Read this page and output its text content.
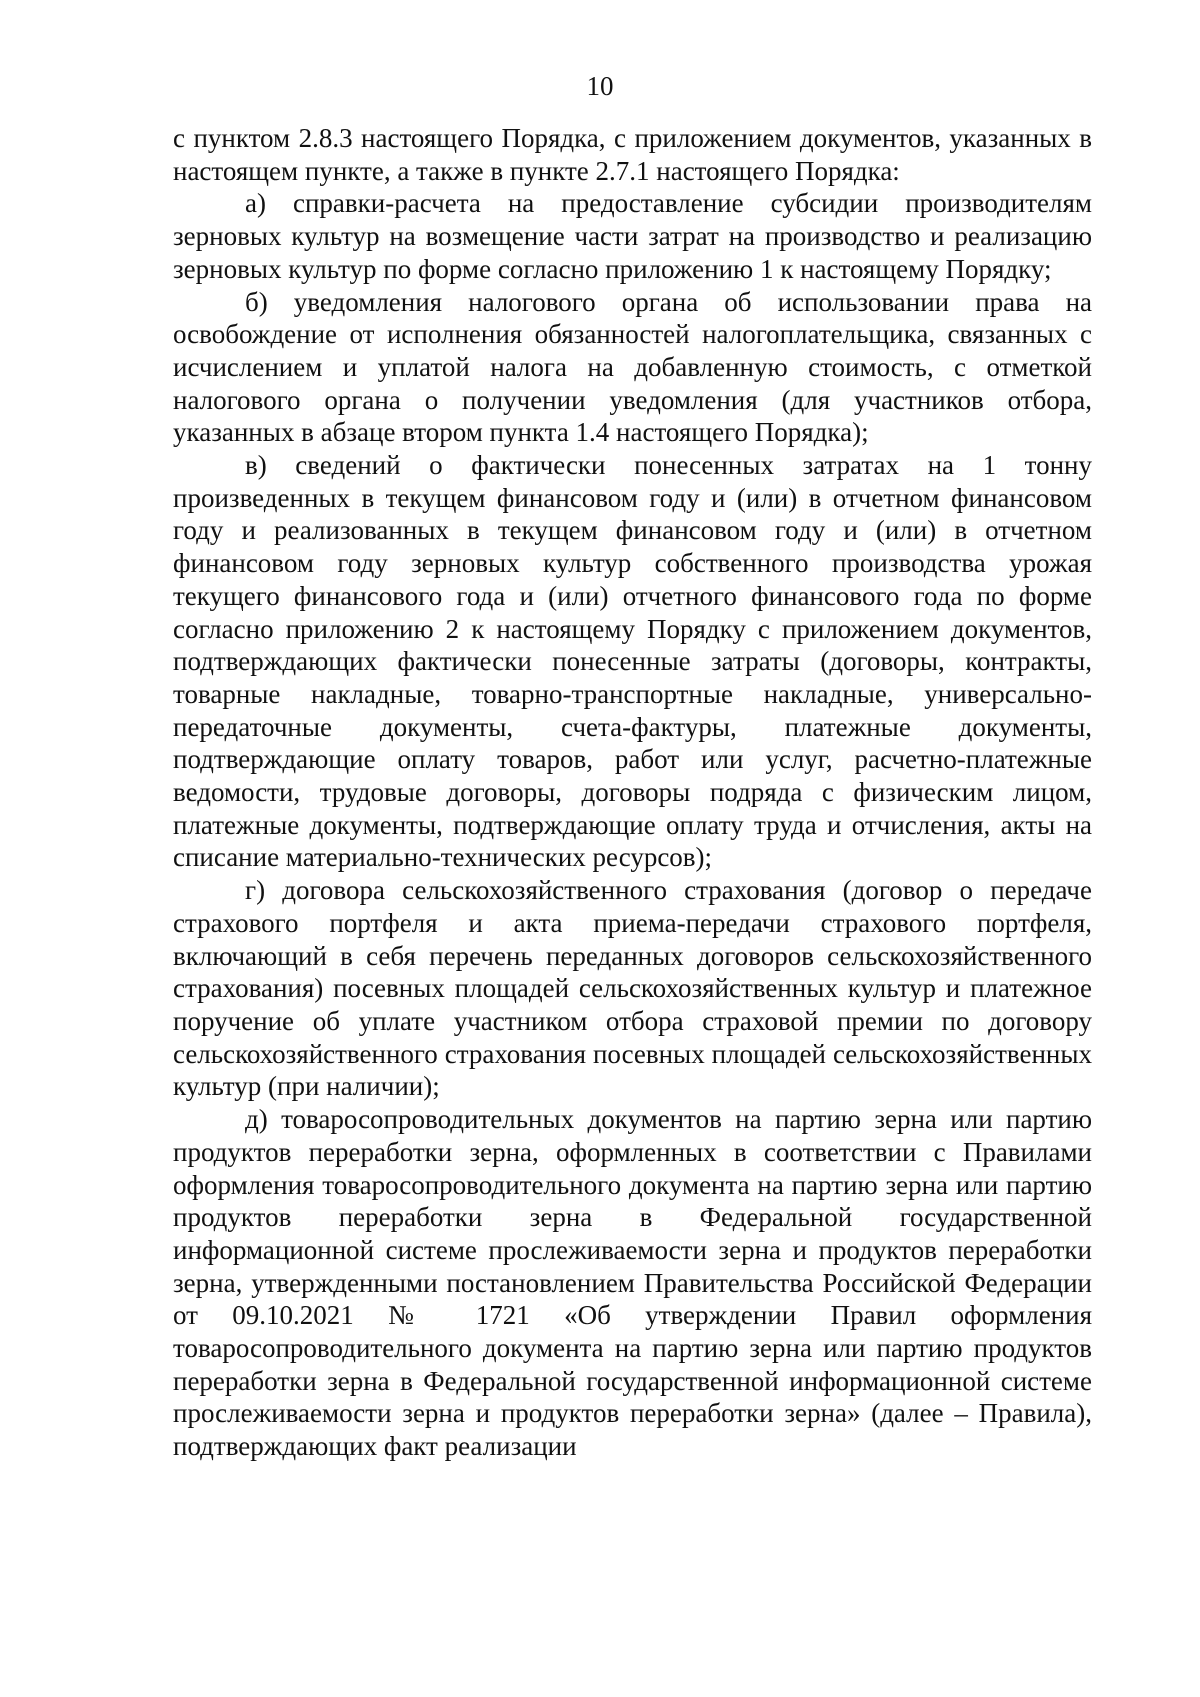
10

с пунктом 2.8.3 настоящего Порядка, с приложением документов, указанных в настоящем пункте, а также в пункте 2.7.1 настоящего Порядка:

а) справки-расчета на предоставление субсидии производителям зерновых культур на возмещение части затрат на производство и реализацию зерновых культур по форме согласно приложению 1 к настоящему Порядку;

б) уведомления налогового органа об использовании права на освобождение от исполнения обязанностей налогоплательщика, связанных с исчислением и уплатой налога на добавленную стоимость, с отметкой налогового органа о получении уведомления (для участников отбора, указанных в абзаце втором пункта 1.4 настоящего Порядка);

в) сведений о фактически понесенных затратах на 1 тонну произведенных в текущем финансовом году и (или) в отчетном финансовом году и реализованных в текущем финансовом году и (или) в отчетном финансовом году зерновых культур собственного производства урожая текущего финансового года и (или) отчетного финансового года по форме согласно приложению 2 к настоящему Порядку с приложением документов, подтверждающих фактически понесенные затраты (договоры, контракты, товарные накладные, товарно-транспортные накладные, универсально-передаточные документы, счета-фактуры, платежные документы, подтверждающие оплату товаров, работ или услуг, расчетно-платежные ведомости, трудовые договоры, договоры подряда с физическим лицом, платежные документы, подтверждающие оплату труда и отчисления, акты на списание материально-технических ресурсов);

г) договора сельскохозяйственного страхования (договор о передаче страхового портфеля и акта приема-передачи страхового портфеля, включающий в себя перечень переданных договоров сельскохозяйственного страхования) посевных площадей сельскохозяйственных культур и платежное поручение об уплате участником отбора страховой премии по договору сельскохозяйственного страхования посевных площадей сельскохозяйственных культур (при наличии);

д) товаросопроводительных документов на партию зерна или партию продуктов переработки зерна, оформленных в соответствии с Правилами оформления товаросопроводительного документа на партию зерна или партию продуктов переработки зерна в Федеральной государственной информационной системе прослеживаемости зерна и продуктов переработки зерна, утвержденными постановлением Правительства Российской Федерации от 09.10.2021 № 1721 «Об утверждении Правил оформления товаросопроводительного документа на партию зерна или партию продуктов переработки зерна в Федеральной государственной информационной системе прослеживаемости зерна и продуктов переработки зерна» (далее – Правила), подтверждающих факт реализации
